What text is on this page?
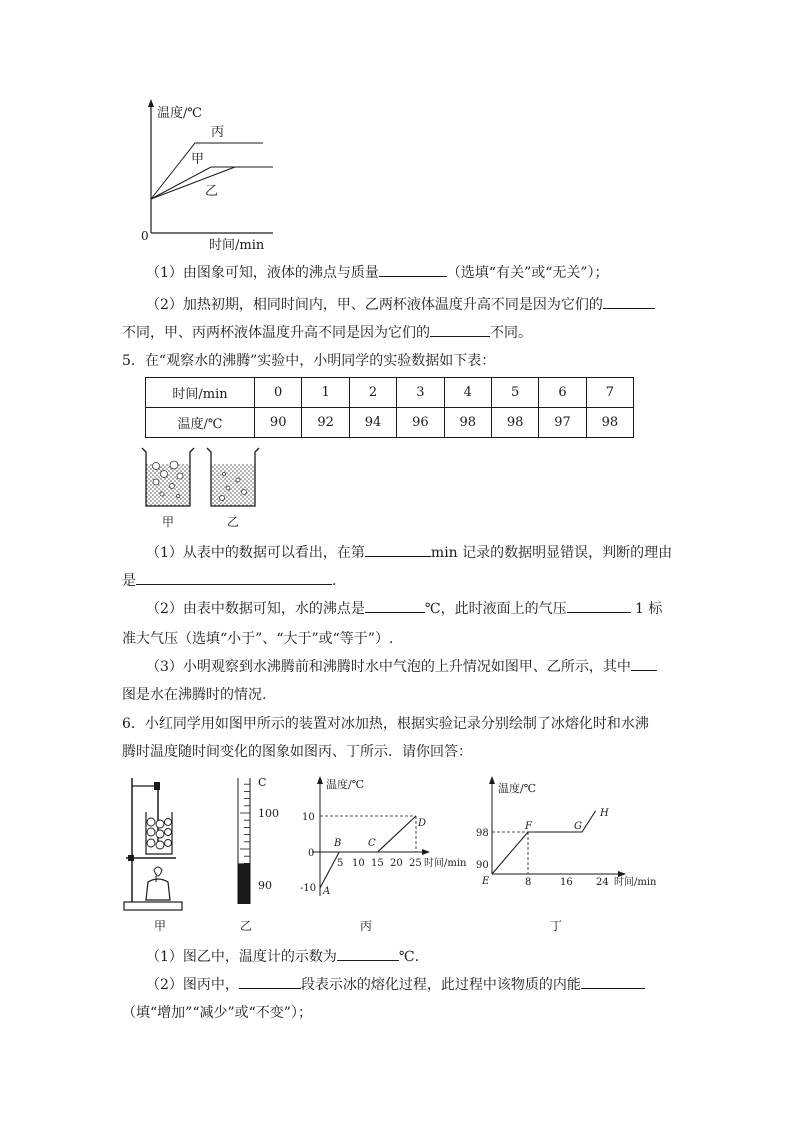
温度/℃
0
时间/min
丙
甲
乙
（1）由图象可知，液体的沸点与质量	（选填“有关”或“无关”）；
（2）加热初期，相同时间内，甲、乙两杯液体温度升高不同是因为它们的
不同，甲、丙两杯液体温度升高不同是因为它们的	不同。
5．在“观察水的沸腾”实验中，小明同学的实验数据如下表：
时间/min	0	1	2	3	4	5	6	7
温度/℃	90	92	94	96	98	98	97	98
甲	乙
（1）从表中的数据可以看出，在第	min 记录的数据明显错误，判断的理由
是	.
（2）由表中数据可知，水的沸点是	℃，此时液面上的气压	1 标
准大气压（选填“小于”、“大于”或“等于”）.
（3）小明观察到水沸腾前和沸腾时水中气泡的上升情况如图甲、乙所示，其中
图是水在沸腾时的情况.
6．小红同学用如图甲所示的装置对冰加热，根据实验记录分别绘制了冰熔化时和水沸
腾时温度随时间变化的图象如图丙、丁所示．请你回答：
甲
C
100
90
乙
温度/℃
时间/min
10
0
-10
5 10 15 20 25
A
B	C
D
丙
温度/℃
时间/min
98
90
E	8	16 24
F	G
H
丁
（1）图乙中，温度计的示数为	℃.
（2）图丙中，	段表示冰的熔化过程，此过程中该物质的内能
（填“增加”“减少”或“不变”）；
